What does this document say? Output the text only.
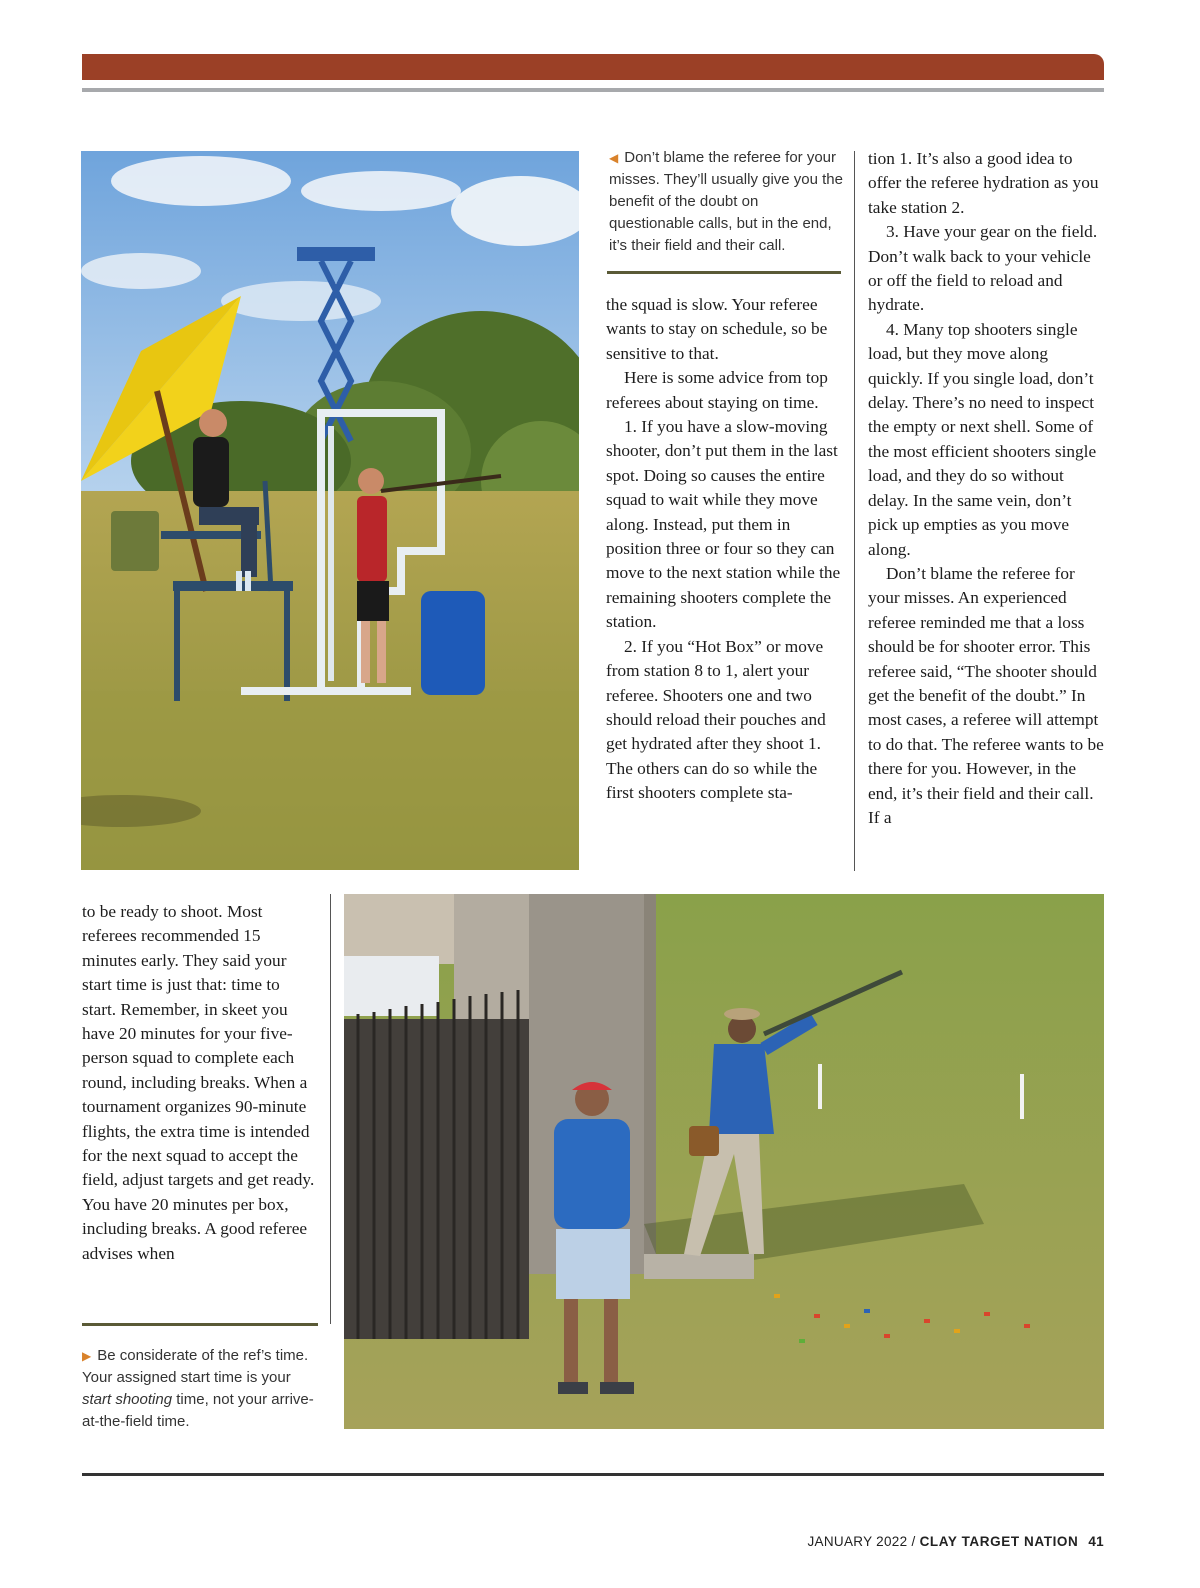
◀ Don’t blame the referee for your misses. They’ll usually give you the benefit of the doubt on questionable calls, but in the end, it’s their field and their call.

the squad is slow. Your referee wants to stay on schedule, so be sensitive to that.

Here is some advice from top referees about staying on time.

1. If you have a slow-moving shooter, don’t put them in the last spot. Doing so causes the entire squad to wait while they move along. Instead, put them in position three or four so they can move to the next station while the remaining shooters complete the station.

2. If you “Hot Box” or move from station 8 to 1, alert your referee. Shooters one and two should reload their pouches and get hydrated after they shoot 1. The others can do so while the first shooters complete sta-

tion 1. It’s also a good idea to offer the referee hydration as you take station 2.

3. Have your gear on the field. Don’t walk back to your vehicle or off the field to reload and hydrate.

4. Many top shooters single load, but they move along quickly. If you single load, don’t delay. There’s no need to inspect the empty or next shell. Some of the most efficient shooters single load, and they do so without delay. In the same vein, don’t pick up empties as you move along.

Don’t blame the referee for your misses. An experienced referee reminded me that a loss should be for shooter error. This referee said, “The shooter should get the benefit of the doubt.” In most cases, a referee will attempt to do that. The referee wants to be there for you. However, in the end, it’s their field and their call. If a

to be ready to shoot. Most referees recommended 15 minutes early. They said your start time is just that: time to start. Remember, in skeet you have 20 minutes for your five-person squad to complete each round, including breaks. When a tournament organizes 90-minute flights, the extra time is intended for the next squad to accept the field, adjust targets and get ready. You have 20 minutes per box, including breaks. A good referee advises when

▶ Be considerate of the ref’s time. Your assigned start time is your start shooting time, not your arrive-at-the-field time.
JANUARY 2022 / CLAY TARGET NATION 41
